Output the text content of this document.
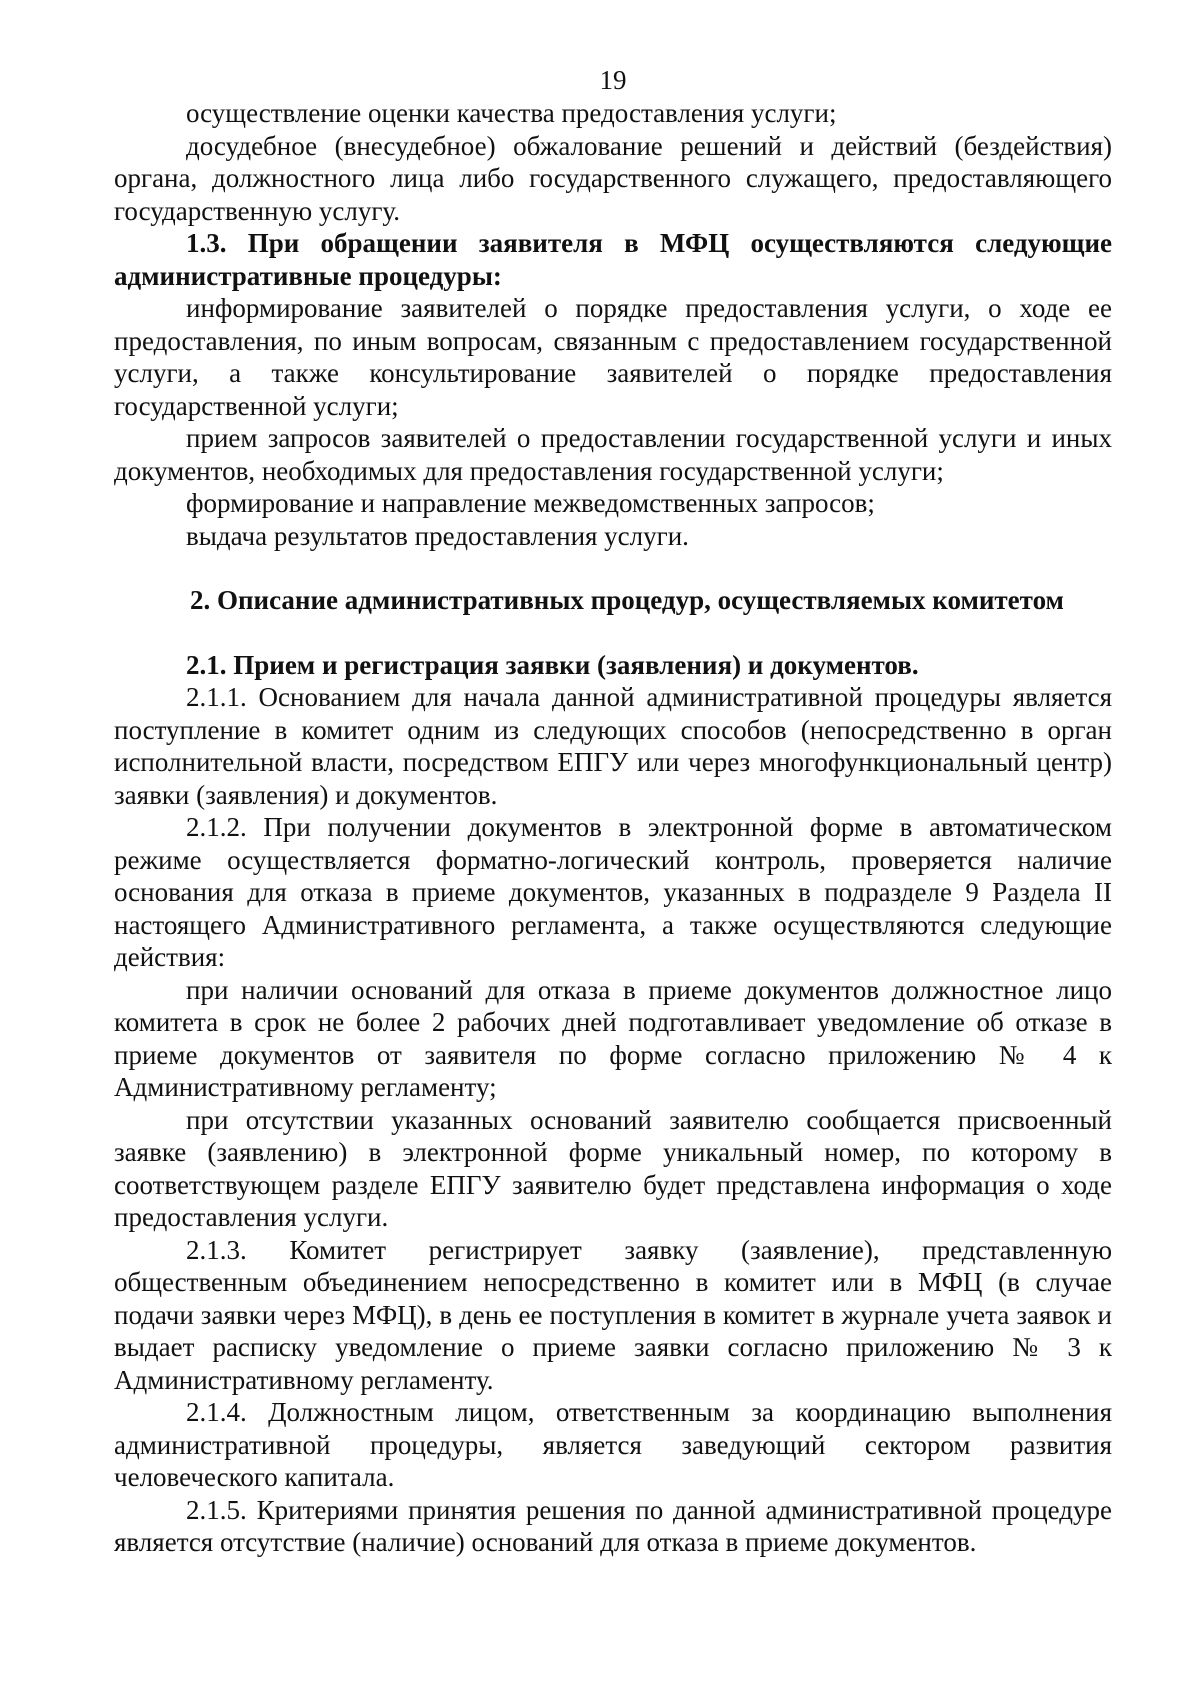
19

осуществление оценки качества предоставления услуги;

досудебное (внесудебное) обжалование решений и действий (бездействия) органа, должностного лица либо государственного служащего, предоставляющего государственную услугу.

1.3. При обращении заявителя в МФЦ осуществляются следующие административные процедуры:

информирование заявителей о порядке предоставления услуги, о ходе ее предоставления, по иным вопросам, связанным с предоставлением государственной услуги, а также консультирование заявителей о порядке предоставления государственной услуги;

прием запросов заявителей о предоставлении государственной услуги и иных документов, необходимых для предоставления государственной услуги;

формирование и направление межведомственных запросов;

выдача результатов предоставления услуги.

2. Описание административных процедур, осуществляемых комитетом

2.1. Прием и регистрация заявки (заявления) и документов.

2.1.1. Основанием для начала данной административной процедуры является поступление в комитет одним из следующих способов (непосредственно в орган исполнительной власти, посредством ЕПГУ или через многофункциональный центр) заявки (заявления) и документов.

2.1.2. При получении документов в электронной форме в автоматическом режиме осуществляется форматно-логический контроль, проверяется наличие основания для отказа в приеме документов, указанных в подразделе 9 Раздела II настоящего Административного регламента, а также осуществляются следующие действия:

при наличии оснований для отказа в приеме документов должностное лицо комитета в срок не более 2 рабочих дней подготавливает уведомление об отказе в приеме документов от заявителя по форме согласно приложению № 4 к Административному регламенту;

при отсутствии указанных оснований заявителю сообщается присвоенный заявке (заявлению) в электронной форме уникальный номер, по которому в соответствующем разделе ЕПГУ заявителю будет представлена информация о ходе предоставления услуги.

2.1.3. Комитет регистрирует заявку (заявление), представленную общественным объединением непосредственно в комитет или в МФЦ (в случае подачи заявки через МФЦ), в день ее поступления в комитет в журнале учета заявок и выдает расписку уведомление о приеме заявки согласно приложению № 3 к Административному регламенту.

2.1.4. Должностным лицом, ответственным за координацию выполнения административной процедуры, является заведующий сектором развития человеческого капитала.

2.1.5. Критериями принятия решения по данной административной процедуре является отсутствие (наличие) оснований для отказа в приеме документов.
